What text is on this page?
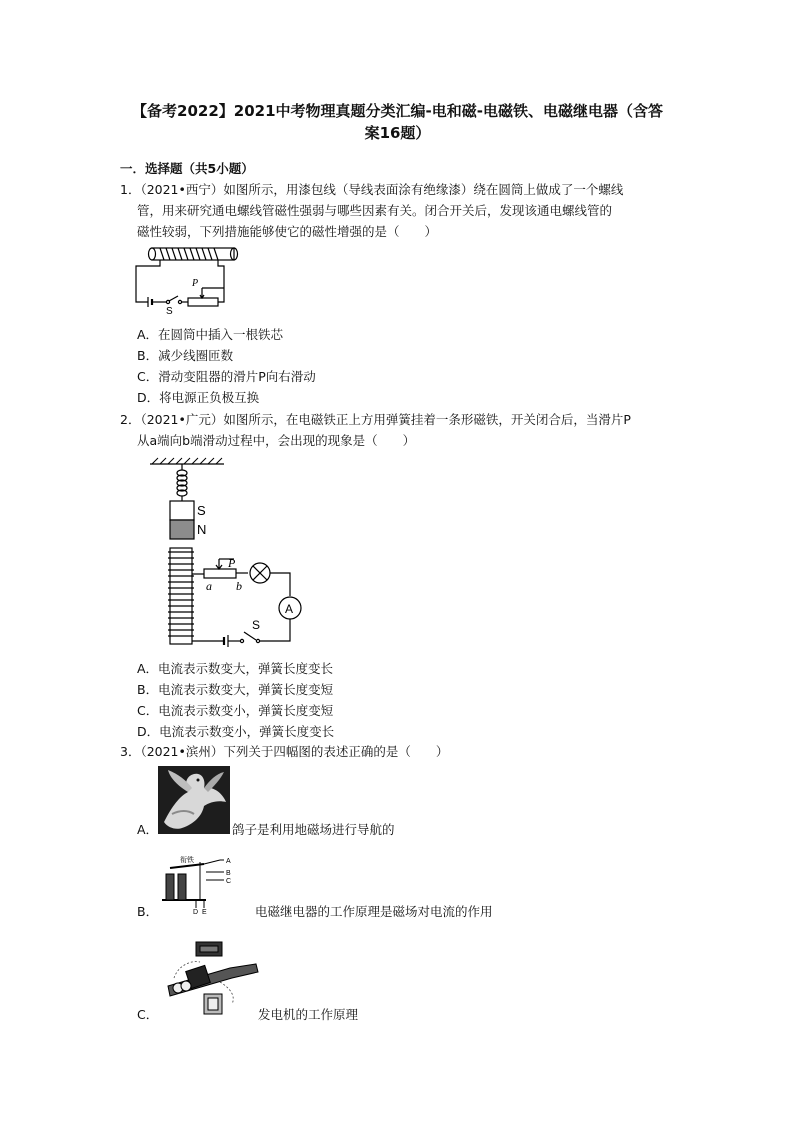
【备考2022】2021中考物理真题分类汇编-电和磁-电磁铁、电磁继电器（含答
案16题）
一．选择题（共5小题）
1．（2021•西宁）如图所示，用漆包线（导线表面涂有绝缘漆）绕在圆筒上做成了一个螺线
管，用来研究通电螺线管磁性强弱与哪些因素有关。闭合开关后，发现该通电螺线管的
磁性较弱，下列措施能够使它的磁性增强的是（　　）
P
S
A．在圆筒中插入一根铁芯
B．减少线圈匝数
C．滑动变阻器的滑片P向右滑动
D．将电源正负极互换
2．（2021•广元）如图所示，在电磁铁正上方用弹簧挂着一条形磁铁，开关闭合后，当滑片P
从a端向b端滑动过程中，会出现的现象是（　　）
S
N
P
a b
A
S
A．电流表示数变大，弹簧长度变长
B．电流表示数变大，弹簧长度变短
C．电流表示数变小，弹簧长度变短
D．电流表示数变小，弹簧长度变长
3．（2021•滨州）下列关于四幅图的表述正确的是（　　）
A．	鸽子是利用地磁场进行导航的
衔铁	A
B
C
D E
B．	电磁继电器的工作原理是磁场对电流的作用
C．	发电机的工作原理
